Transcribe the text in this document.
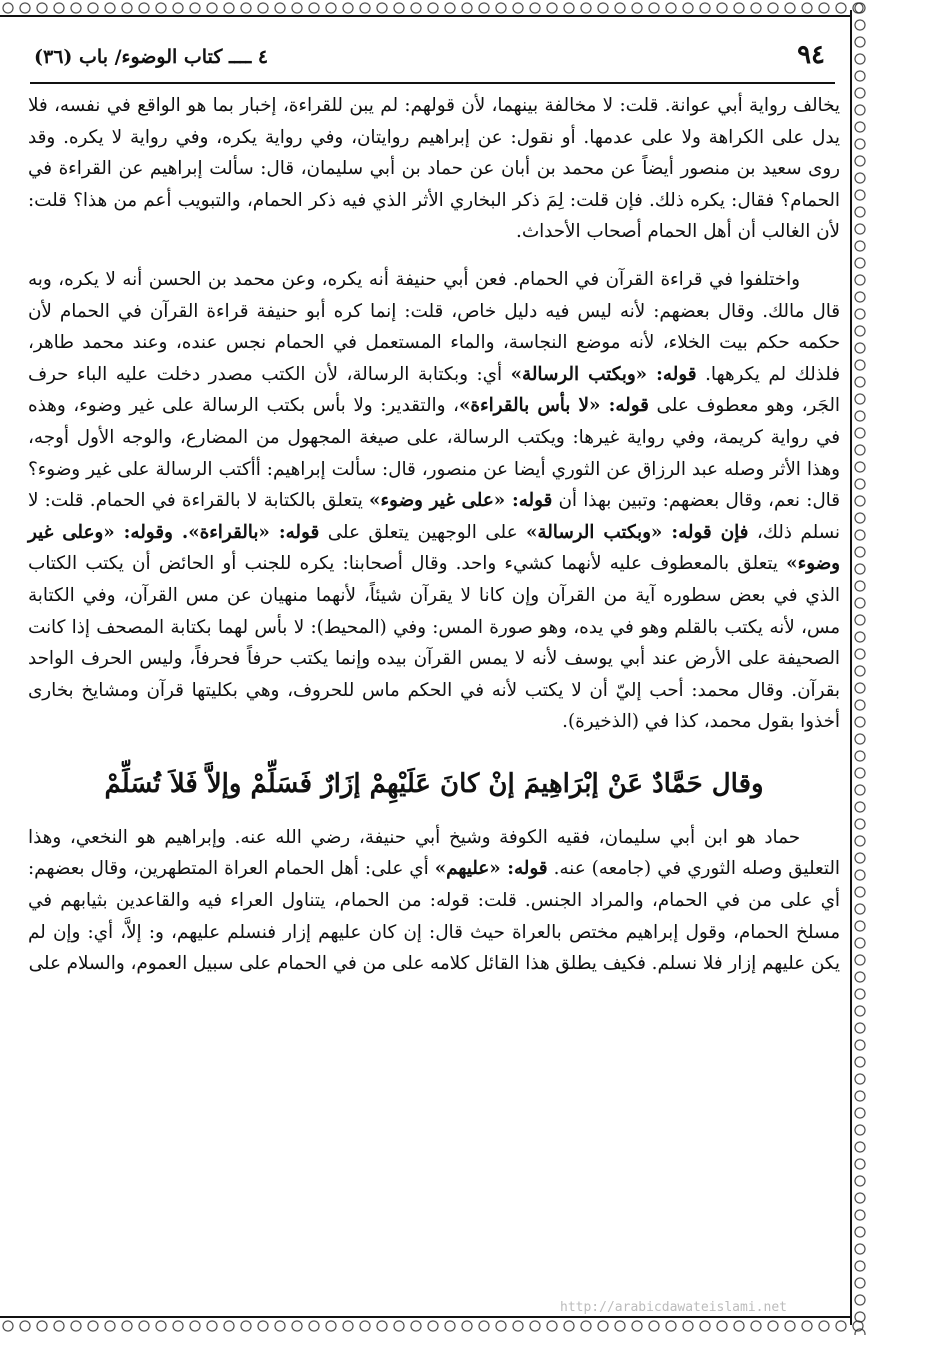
٩٤
٤ ــــ كتاب الوضوء/ باب (٣٦)

يخالف رواية أبي عوانة. قلت: لا مخالفة بينهما، لأن قولهم: لم يبن للقراءة، إخبار بما هو الواقع في نفسه، فلا يدل على الكراهة ولا على عدمها. أو نقول: عن إبراهيم روايتان، وفي رواية يكره، وفي رواية لا يكره. وقد روى سعيد بن منصور أيضاً عن محمد بن أبان عن حماد بن أبي سليمان، قال: سألت إبراهيم عن القراءة في الحمام؟ فقال: يكره ذلك. فإن قلت: لِمَ ذكر البخاري الأثر الذي فيه ذكر الحمام، والتبويب أعم من هذا؟ قلت: لأن الغالب أن أهل الحمام أصحاب الأحداث.

واختلفوا في قراءة القرآن في الحمام. فعن أبي حنيفة أنه يكره، وعن محمد بن الحسن أنه لا يكره، وبه قال مالك. وقال بعضهم: لأنه ليس فيه دليل خاص، قلت: إنما كره أبو حنيفة قراءة القرآن في الحمام لأن حكمه حكم بيت الخلاء، لأنه موضع النجاسة، والماء المستعمل في الحمام نجس عنده، وعند محمد طاهر، فلذلك لم يكرهها. قوله: «وبكتب الرسالة» أي: وبكتابة الرسالة، لأن الكتب مصدر دخلت عليه الباء حرف الجَر، وهو معطوف على قوله: «لا بأس بالقراءة»، والتقدير: ولا بأس بكتب الرسالة على غير وضوء، وهذه في رواية كريمة، وفي رواية غيرها: ويكتب الرسالة، على صيغة المجهول من المضارع، والوجه الأول أوجه، وهذا الأثر وصله عبد الرزاق عن الثوري أيضا عن منصور، قال: سألت إبراهيم: أأكتب الرسالة على غير وضوء؟ قال: نعم، وقال بعضهم: وتبين بهذا أن قوله: «على غير وضوء» يتعلق بالكتابة لا بالقراءة في الحمام. قلت: لا نسلم ذلك، فإن قوله: «وبكتب الرسالة» على الوجهين يتعلق على قوله: «بالقراءة». وقوله: «وعلى غير وضوء» يتعلق بالمعطوف عليه لأنهما كشيء واحد. وقال أصحابنا: يكره للجنب أو الحائض أن يكتب الكتاب الذي في بعض سطوره آية من القرآن وإن كانا لا يقرآن شيئاً، لأنهما منهيان عن مس القرآن، وفي الكتابة مس، لأنه يكتب بالقلم وهو في يده، وهو صورة المس: وفي (المحيط): لا بأس لهما بكتابة المصحف إذا كانت الصحيفة على الأرض عند أبي يوسف لأنه لا يمس القرآن بيده وإنما يكتب حرفاً فحرفاً، وليس الحرف الواحد بقرآن. وقال محمد: أحب إليّ أن لا يكتب لأنه في الحكم ماس للحروف، وهي بكليتها قرآن ومشايخ بخارى أخذوا بقول محمد، كذا في (الذخيرة).

وقال حَمَّادٌ عَنْ إبْرَاهِيمَ إنْ كانَ عَلَيْهِمْ إزَارٌ فَسَلِّمْ وإلاَّ فَلاَ تُسَلِّمْ

حماد هو ابن أبي سليمان، فقيه الكوفة وشيخ أبي حنيفة، رضي الله عنه. وإبراهيم هو النخعي، وهذا التعليق وصله الثوري في (جامعه) عنه. قوله: «عليهم» أي على: أهل الحمام العراة المتطهرين، وقال بعضهم: أي على من في الحمام، والمراد الجنس. قلت: قوله: من الحمام، يتناول العراء فيه والقاعدين بثيابهم في مسلخ الحمام، وقول إبراهيم مختص بالعراة حيث قال: إن كان عليهم إزار فنسلم عليهم، و: إلاَّ، أي: وإن لم يكن عليهم إزار فلا نسلم. فكيف يطلق هذا القائل كلامه على من في الحمام على سبيل العموم، والسلام على

http://arabicdawateislami.net
